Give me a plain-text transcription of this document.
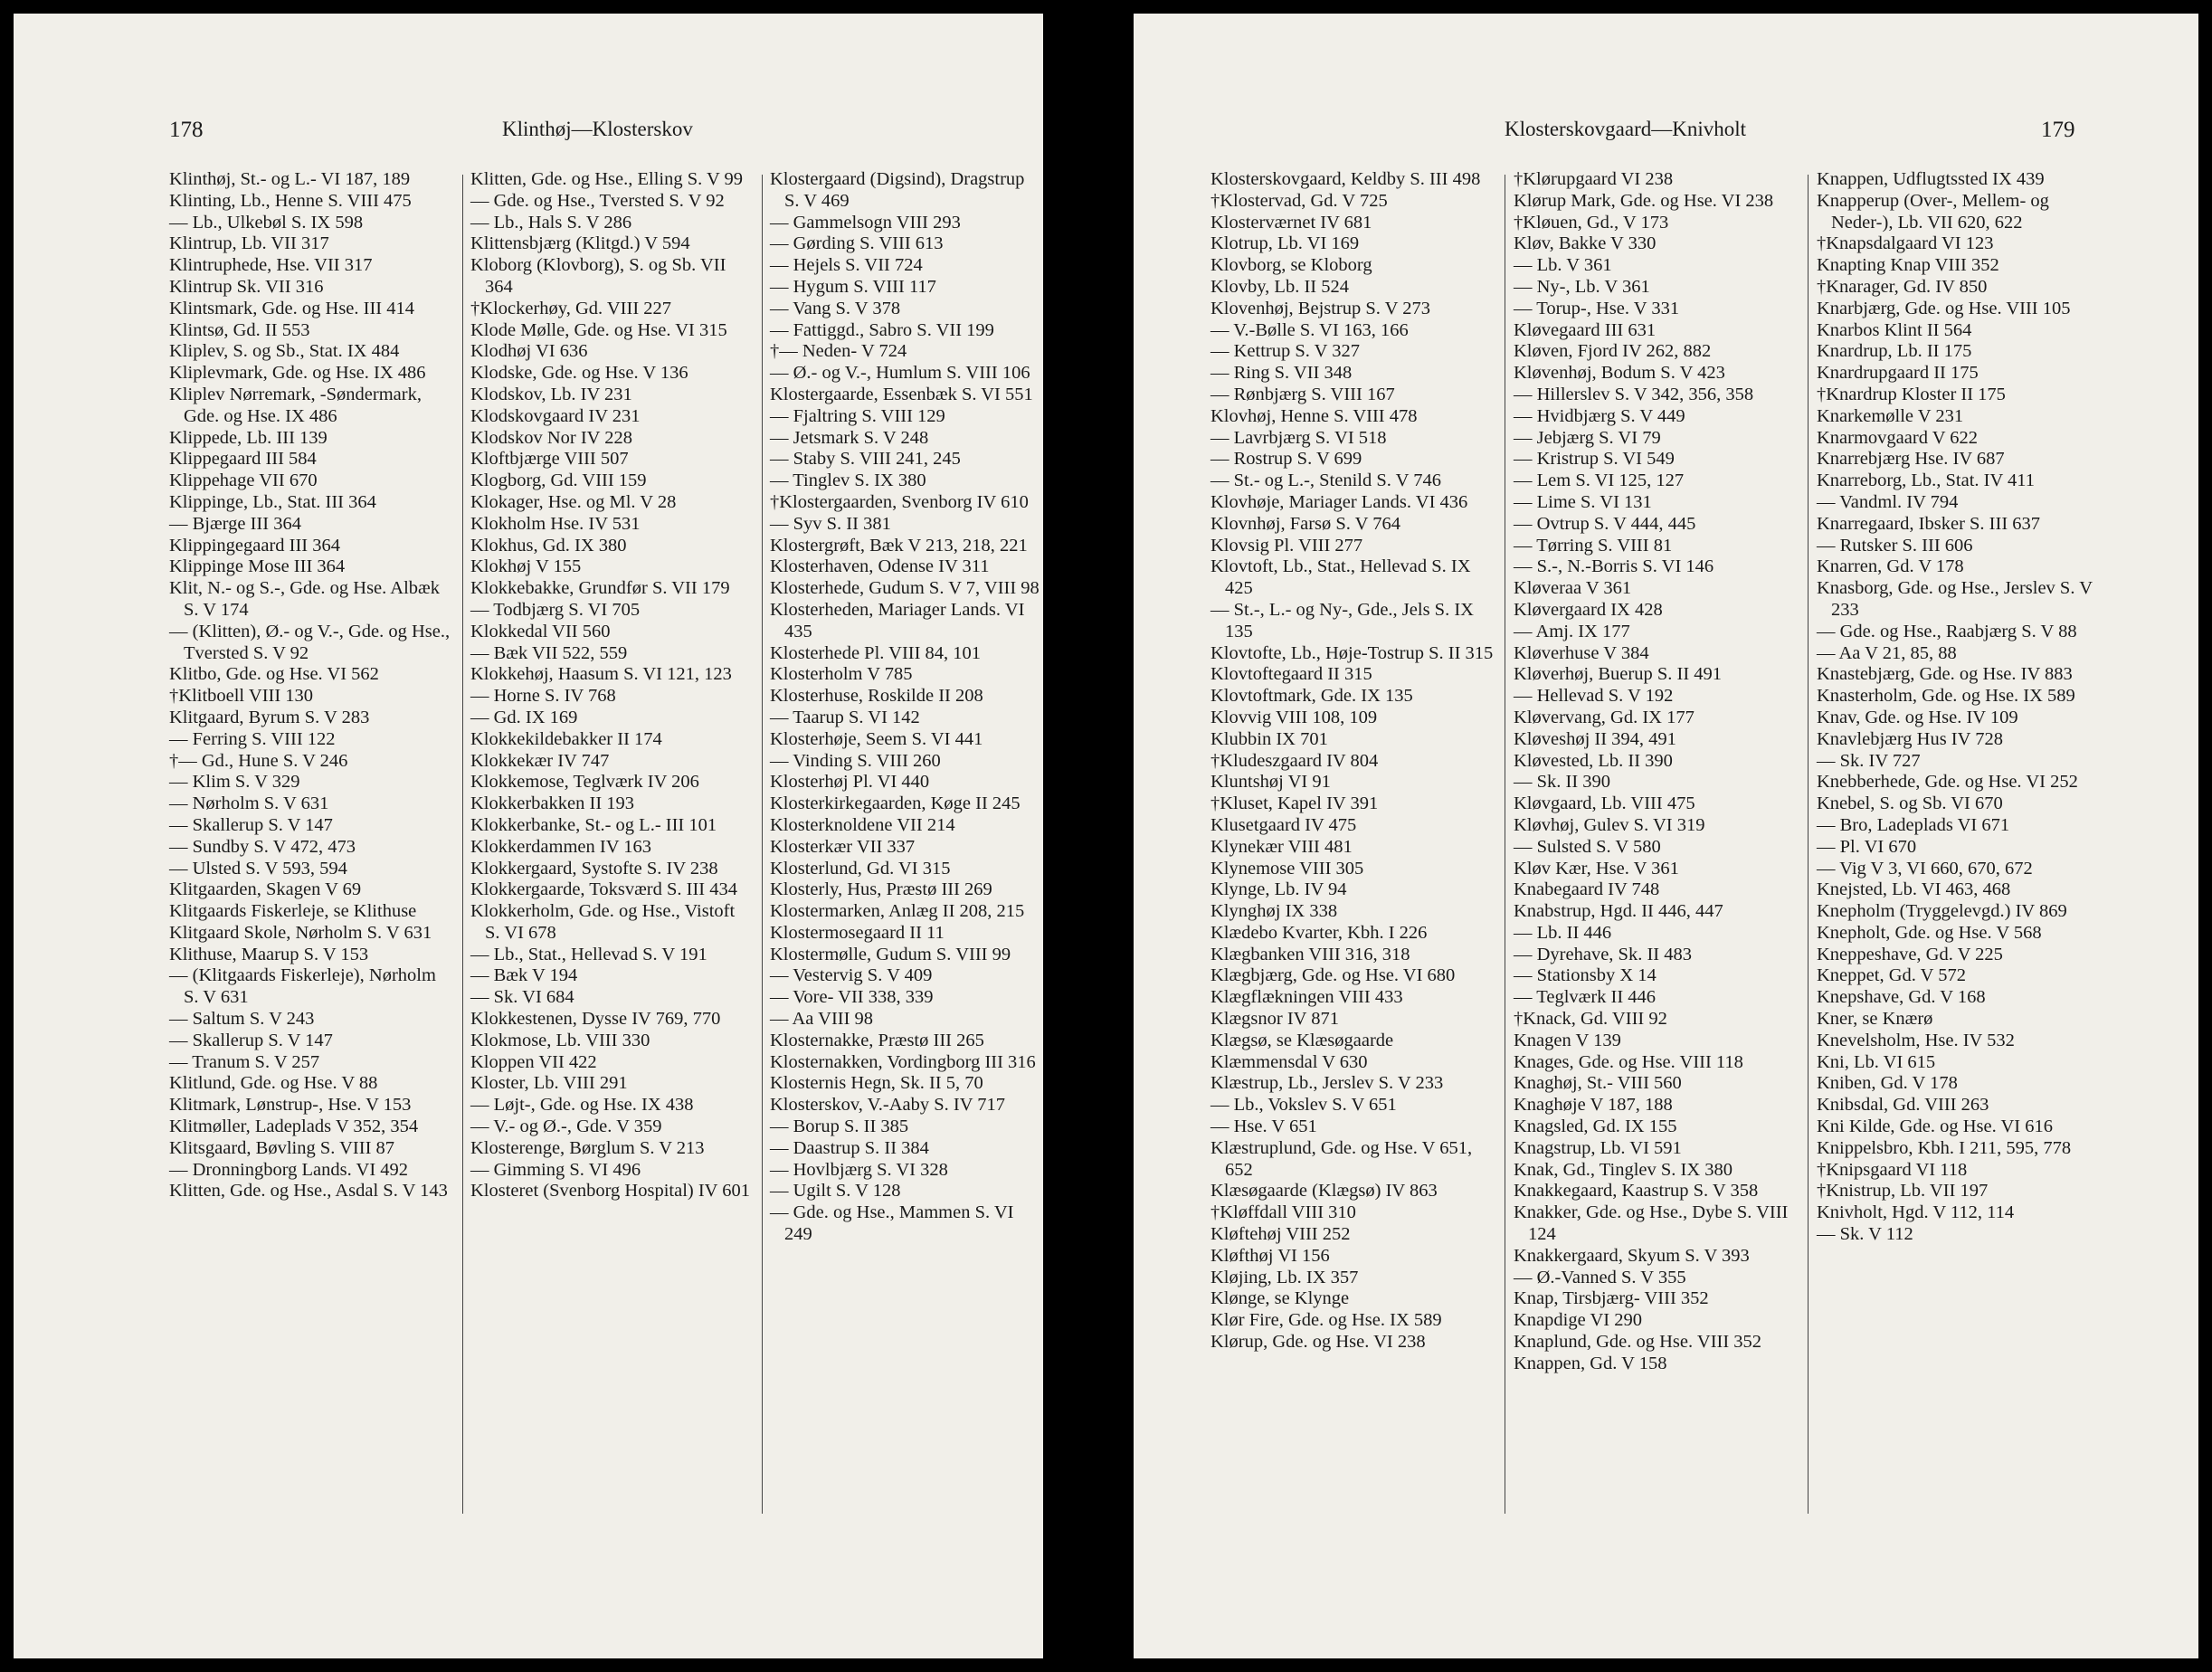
178	Klinthøj—Klosterskov

Klinthøj, St.- og L.- VI 187, 189

Klinting, Lb., Henne S. VIII 475

— Lb., Ulkebøl S. IX 598

Klintrup, Lb. VII 317

Klintruphede, Hse. VII 317

Klintrup Sk. VII 316

Klintsmark, Gde. og Hse. III 414

Klintsø, Gd. II 553

Kliplev, S. og Sb., Stat. IX 484

Kliplevmark, Gde. og Hse. IX 486

Kliplev Nørremark, -Søndermark, Gde. og Hse. IX 486

Klippede, Lb. III 139

Klippegaard III 584

Klippehage VII 670

Klippinge, Lb., Stat. III 364

— Bjærge III 364

Klippingegaard III 364

Klippinge Mose III 364

Klit, N.- og S.-, Gde. og Hse. Albæk S. V 174

— (Klitten), Ø.- og V.-, Gde. og Hse., Tversted S. V 92

Klitbo, Gde. og Hse. VI 562

†Klitboell VIII 130

Klitgaard, Byrum S. V 283

— Ferring S. VIII 122

†— Gd., Hune S. V 246

— Klim S. V 329

— Nørholm S. V 631

— Skallerup S. V 147

— Sundby S. V 472, 473

— Ulsted S. V 593, 594

Klitgaarden, Skagen V 69

Klitgaards Fiskerleje, se Klithuse

Klitgaard Skole, Nørholm S. V 631

Klithuse, Maarup S. V 153

— (Klitgaards Fiskerleje), Nørholm S. V 631

— Saltum S. V 243

— Skallerup S. V 147

— Tranum S. V 257

Klitlund, Gde. og Hse. V 88

Klitmark, Lønstrup-, Hse. V 153

Klitmøller, Ladeplads V 352, 354

Klitsgaard, Bøvling S. VIII 87

— Dronningborg Lands. VI 492

Klitten, Gde. og Hse., Asdal S. V 143

Klitten, Gde. og Hse., Elling S. V 99

— Gde. og Hse., Tversted S. V 92

— Lb., Hals S. V 286

Klittensbjærg (Klitgd.) V 594

Kloborg (Klovborg), S. og Sb. VII 364

†Klockerhøy, Gd. VIII 227

Klode Mølle, Gde. og Hse. VI 315

Klodhøj VI 636

Klodske, Gde. og Hse. V 136

Klodskov, Lb. IV 231

Klodskovgaard IV 231

Klodskov Nor IV 228

Kloftbjærge VIII 507

Klogborg, Gd. VIII 159

Klokager, Hse. og Ml. V 28

Klokholm Hse. IV 531

Klokhus, Gd. IX 380

Klokhøj V 155

Klokkebakke, Grundfør S. VII 179

— Todbjærg S. VI 705

Klokkedal VII 560

— Bæk VII 522, 559

Klokkehøj, Haasum S. VI 121, 123

— Horne S. IV 768

— Gd. IX 169

Klokkekildebakker II 174

Klokkekær IV 747

Klokkemose, Teglværk IV 206

Klokkerbakken II 193

Klokkerbanke, St.- og L.- III 101

Klokkerdammen IV 163

Klokkergaard, Systofte S. IV 238

Klokkergaarde, Toksværd S. III 434

Klokkerholm, Gde. og Hse., Vistoft S. VI 678

— Lb., Stat., Hellevad S. V 191

— Bæk V 194

— Sk. VI 684

Klokkestenen, Dysse IV 769, 770

Klokmose, Lb. VIII 330

Kloppen VII 422

Kloster, Lb. VIII 291

— Løjt-, Gde. og Hse. IX 438

— V.- og Ø.-, Gde. V 359

Klosterenge, Børglum S. V 213

— Gimming S. VI 496

Klosteret (Svenborg Hospital) IV 601

Klostergaard (Digsind), Dragstrup S. V 469

— Gammelsogn VIII 293

— Gørding S. VIII 613

— Hejels S. VII 724

— Hygum S. VIII 117

— Vang S. V 378

— Fattiggd., Sabro S. VII 199

†— Neden- V 724

— Ø.- og V.-, Humlum S. VIII 106

Klostergaarde, Essenbæk S. VI 551

— Fjaltring S. VIII 129

— Jetsmark S. V 248

— Staby S. VIII 241, 245

— Tinglev S. IX 380

†Klostergaarden, Svenborg IV 610

— Syv S. II 381

Klostergrøft, Bæk V 213, 218, 221

Klosterhaven, Odense IV 311

Klosterhede, Gudum S. V 7, VIII 98

Klosterheden, Mariager Lands. VI 435

Klosterhede Pl. VIII 84, 101

Klosterholm V 785

Klosterhuse, Roskilde II 208

— Taarup S. VI 142

Klosterhøje, Seem S. VI 441

— Vinding S. VIII 260

Klosterhøj Pl. VI 440

Klosterkirkegaarden, Køge II 245

Klosterknoldene VII 214

Klosterkær VII 337

Klosterlund, Gd. VI 315

Klosterly, Hus, Præstø III 269

Klostermarken, Anlæg II 208, 215

Klostermosegaard II 11

Klostermølle, Gudum S. VIII 99

— Vestervig S. V 409

— Vore- VII 338, 339

— Aa VIII 98

Klosternakke, Præstø III 265

Klosternakken, Vordingborg III 316

Klosternis Hegn, Sk. II 5, 70

Klosterskov, V.-Aaby S. IV 717

— Borup S. II 385

— Daastrup S. II 384

— Hovlbjærg S. VI 328

— Ugilt S. V 128

— Gde. og Hse., Mammen S. VI 249

Klosterskovgaard—Knivholt	179

Klosterskovgaard, Keldby S. III 498

†Klostervad, Gd. V 725

Klosterværnet IV 681

Klotrup, Lb. VI 169

Klovborg, se Kloborg

Klovby, Lb. II 524

Klovenhøj, Bejstrup S. V 273

— V.-Bølle S. VI 163, 166

— Kettrup S. V 327

— Ring S. VII 348

— Rønbjærg S. VIII 167

Klovhøj, Henne S. VIII 478

— Lavrbjærg S. VI 518

— Rostrup S. V 699

— St.- og L.-, Stenild S. V 746

Klovhøje, Mariager Lands. VI 436

Klovnhøj, Farsø S. V 764

Klovsig Pl. VIII 277

Klovtoft, Lb., Stat., Hellevad S. IX 425

— St.-, L.- og Ny-, Gde., Jels S. IX 135

Klovtofte, Lb., Høje-Tostrup S. II 315

Klovtoftegaard II 315

Klovtoftmark, Gde. IX 135

Klovvig VIII 108, 109

Klubbin IX 701

†Kludeszgaard IV 804

Kluntshøj VI 91

†Kluset, Kapel IV 391

Klusetgaard IV 475

Klynekær VIII 481

Klynemose VIII 305

Klynge, Lb. IV 94

Klynghøj IX 338

Klædebo Kvarter, Kbh. I 226

Klægbanken VIII 316, 318

Klægbjærg, Gde. og Hse. VI 680

Klægflækningen VIII 433

Klægsnor IV 871

Klægsø, se Klæsøgaarde

Klæmmensdal V 630

Klæstrup, Lb., Jerslev S. V 233

— Lb., Vokslev S. V 651

— Hse. V 651

Klæstruplund, Gde. og Hse. V 651, 652

Klæsøgaarde (Klægsø) IV 863

†Kløffdall VIII 310

Kløftehøj VIII 252

Kløfthøj VI 156

Kløjing, Lb. IX 357

Klønge, se Klynge

Klør Fire, Gde. og Hse. IX 589

Klørup, Gde. og Hse. VI 238

†Klørupgaard VI 238

Klørup Mark, Gde. og Hse. VI 238

†Kløuen, Gd., V 173

Kløv, Bakke V 330

— Lb. V 361

— Ny-, Lb. V 361

— Torup-, Hse. V 331

Kløvegaard III 631

Kløven, Fjord IV 262, 882

Kløvenhøj, Bodum S. V 423

— Hillerslev S. V 342, 356, 358

— Hvidbjærg S. V 449

— Jebjærg S. VI 79

— Kristrup S. VI 549

— Lem S. VI 125, 127

— Lime S. VI 131

— Ovtrup S. V 444, 445

— Tørring S. VIII 81

— S.-, N.-Borris S. VI 146

Kløveraa V 361

Kløvergaard IX 428

— Amj. IX 177

Kløverhuse V 384

Kløverhøj, Buerup S. II 491

— Hellevad S. V 192

Kløvervang, Gd. IX 177

Kløveshøj II 394, 491

Kløvested, Lb. II 390

— Sk. II 390

Kløvgaard, Lb. VIII 475

Kløvhøj, Gulev S. VI 319

— Sulsted S. V 580

Kløv Kær, Hse. V 361

Knabegaard IV 748

Knabstrup, Hgd. II 446, 447

— Lb. II 446

— Dyrehave, Sk. II 483

— Stationsby X 14

— Teglværk II 446

†Knack, Gd. VIII 92

Knagen V 139

Knages, Gde. og Hse. VIII 118

Knaghøj, St.- VIII 560

Knaghøje V 187, 188

Knagsled, Gd. IX 155

Knagstrup, Lb. VI 591

Knak, Gd., Tinglev S. IX 380

Knakkegaard, Kaastrup S. V 358

Knakker, Gde. og Hse., Dybe S. VIII 124

Knakkergaard, Skyum S. V 393

— Ø.-Vanned S. V 355

Knap, Tirsbjærg- VIII 352

Knapdige VI 290

Knaplund, Gde. og Hse. VIII 352

Knappen, Gd. V 158

Knappen, Udflugtssted IX 439

Knapperup (Over-, Mellem- og Neder-), Lb. VII 620, 622

†Knapsdalgaard VI 123

Knapting Knap VIII 352

†Knarager, Gd. IV 850

Knarbjærg, Gde. og Hse. VIII 105

Knarbos Klint II 564

Knardrup, Lb. II 175

Knardrupgaard II 175

†Knardrup Kloster II 175

Knarkemølle V 231

Knarmovgaard V 622

Knarrebjærg Hse. IV 687

Knarreborg, Lb., Stat. IV 411

— Vandml. IV 794

Knarregaard, Ibsker S. III 637

— Rutsker S. III 606

Knarren, Gd. V 178

Knasborg, Gde. og Hse., Jerslev S. V 233

— Gde. og Hse., Raabjærg S. V 88

— Aa V 21, 85, 88

Knastebjærg, Gde. og Hse. IV 883

Knasterholm, Gde. og Hse. IX 589

Knav, Gde. og Hse. IV 109

Knavlebjærg Hus IV 728

— Sk. IV 727

Knebberhede, Gde. og Hse. VI 252

Knebel, S. og Sb. VI 670

— Bro, Ladeplads VI 671

— Pl. VI 670

— Vig V 3, VI 660, 670, 672

Knejsted, Lb. VI 463, 468

Knepholm (Tryggelevgd.) IV 869

Knepholt, Gde. og Hse. V 568

Kneppeshave, Gd. V 225

Kneppet, Gd. V 572

Knepshave, Gd. V 168

Kner, se Knærø

Knevelsholm, Hse. IV 532

Kni, Lb. VI 615

Kniben, Gd. V 178

Knibsdal, Gd. VIII 263

Kni Kilde, Gde. og Hse. VI 616

Knippelsbro, Kbh. I 211, 595, 778

†Knipsgaard VI 118

†Knistrup, Lb. VII 197

Knivholt, Hgd. V 112, 114

— Sk. V 112
